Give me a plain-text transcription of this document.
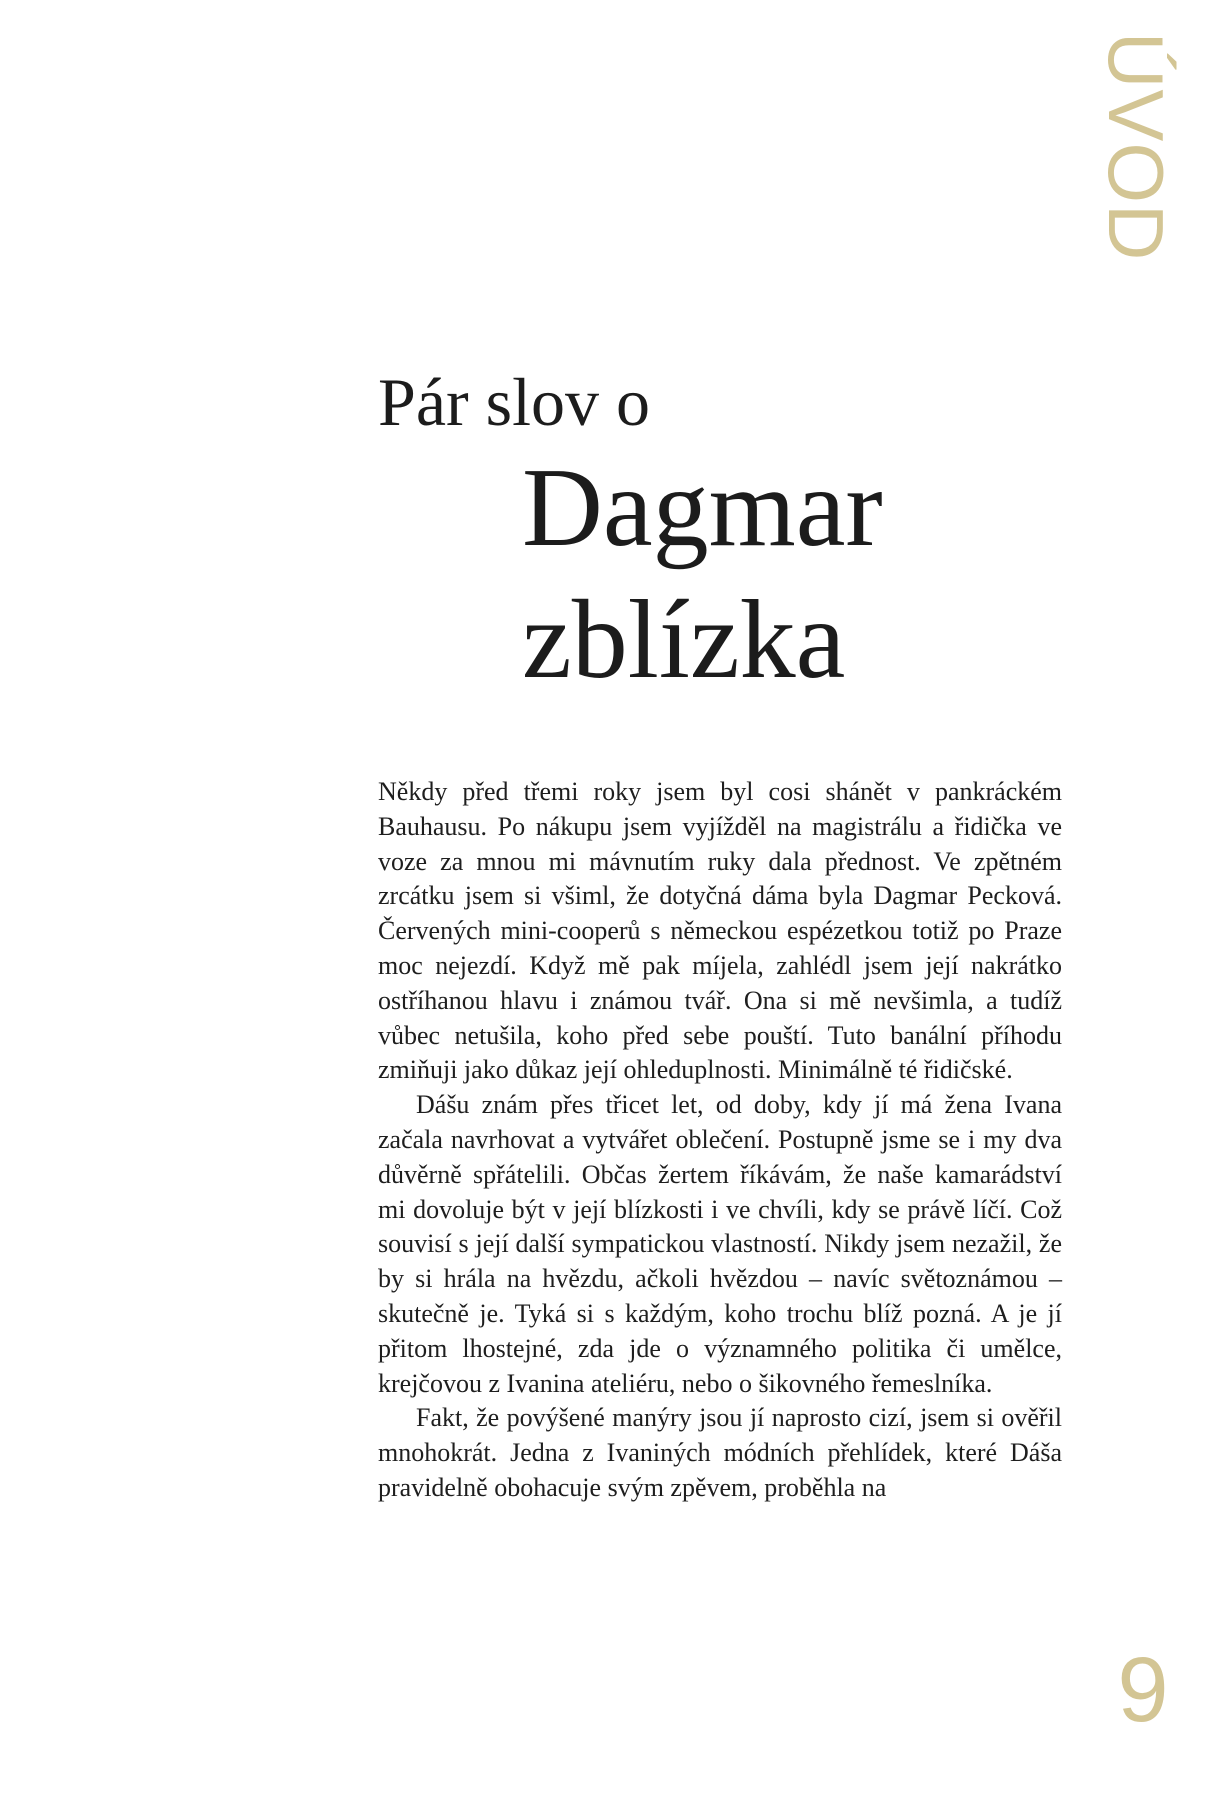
ÚVOD
Pár slov o
Dagmar
zblízka

Někdy před třemi roky jsem byl cosi shánět v pankráckém Bauhausu. Po nákupu jsem vyjížděl na magistrálu a řidička ve voze za mnou mi mávnutím ruky dala přednost. Ve zpětném zrcátku jsem si všiml, že dotyčná dáma byla Dagmar Pecková. Červených mini-cooperů s německou espézetkou totiž po Praze moc nejezdí. Když mě pak míjela, zahlédl jsem její nakrátko ostříhanou hlavu i známou tvář. Ona si mě nevšimla, a tudíž vůbec netušila, koho před sebe pouští. Tuto banální příhodu zmiňuji jako důkaz její ohleduplnosti. Minimálně té řidičské.

Dášu znám přes třicet let, od doby, kdy jí má žena Ivana začala navrhovat a vytvářet oblečení. Postupně jsme se i my dva důvěrně spřátelili. Občas žertem říkávám, že naše kamarádství mi dovoluje být v její blízkosti i ve chvíli, kdy se právě líčí. Což souvisí s její další sympatickou vlastností. Nikdy jsem nezažil, že by si hrála na hvězdu, ačkoli hvězdou – navíc světoznámou – skutečně je. Tyká si s každým, koho trochu blíž pozná. A je jí přitom lhostejné, zda jde o významného politika či umělce, krejčovou z Ivanina ateliéru, nebo o šikovného řemeslníka.

Fakt, že povýšené manýry jsou jí naprosto cizí, jsem si ověřil mnohokrát. Jedna z Ivaniných módních přehlídek, které Dáša pravidelně obohacuje svým zpěvem, proběhla na

9
